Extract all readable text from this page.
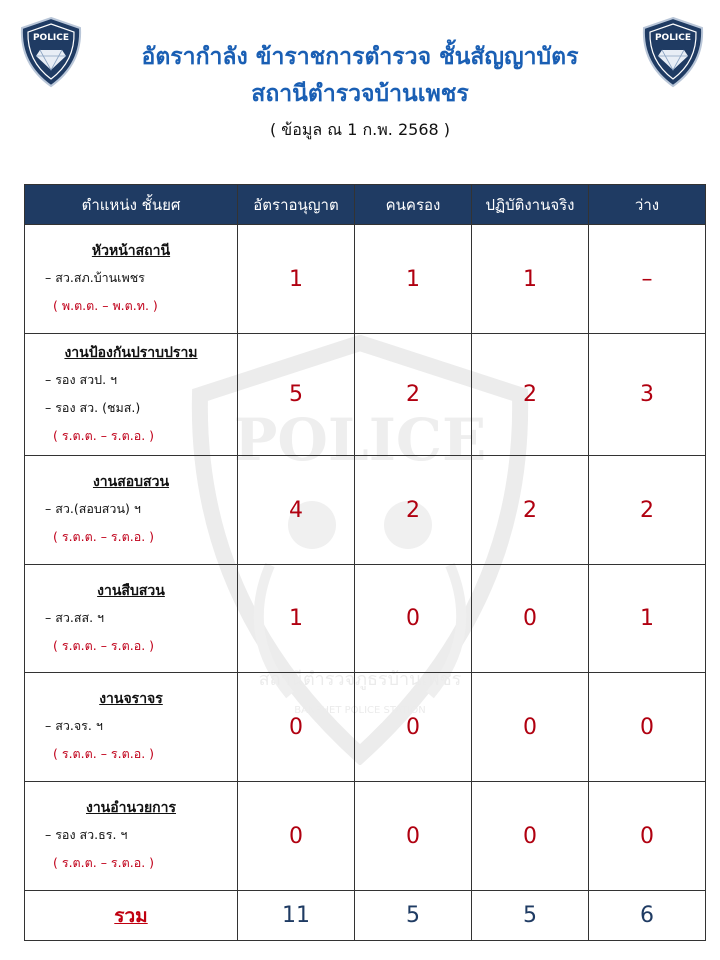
POLICE
สถานีตำรวจภูธรบ้านเพชร
BANPHET POLICE STATION
POLICE	POLICE
อัตรากำลัง ข้าราชการตำรวจ ชั้นสัญญาบัตร
สถานีตำรวจบ้านเพชร
( ข้อมูล ณ 1 ก.พ. 2568 )
ตำแหน่ง ชั้นยศ	อัตราอนุญาต	คนครอง	ปฏิบัติงานจริง	ว่าง

หัวหน้าสถานี
– สว.สภ.บ้านเพชร
( พ.ต.ต. – พ.ต.ท. )	1	1	1	–

งานป้องกันปราบปราม
– รอง สวป. ฯ
– รอง สว. (ชมส.)
( ร.ต.ต. – ร.ต.อ. )	5	2	2	3

งานสอบสวน
– สว.(สอบสวน) ฯ
( ร.ต.ต. – ร.ต.อ. )	4	2	2	2

งานสืบสวน
– สว.สส. ฯ
( ร.ต.ต. – ร.ต.อ. )	1	0	0	1

งานจราจร
– สว.จร. ฯ
( ร.ต.ต. – ร.ต.อ. )	0	0	0	0

งานอำนวยการ
– รอง สว.ธร. ฯ
( ร.ต.ต. – ร.ต.อ. )	0	0	0	0
รวม	11	5	5	6
